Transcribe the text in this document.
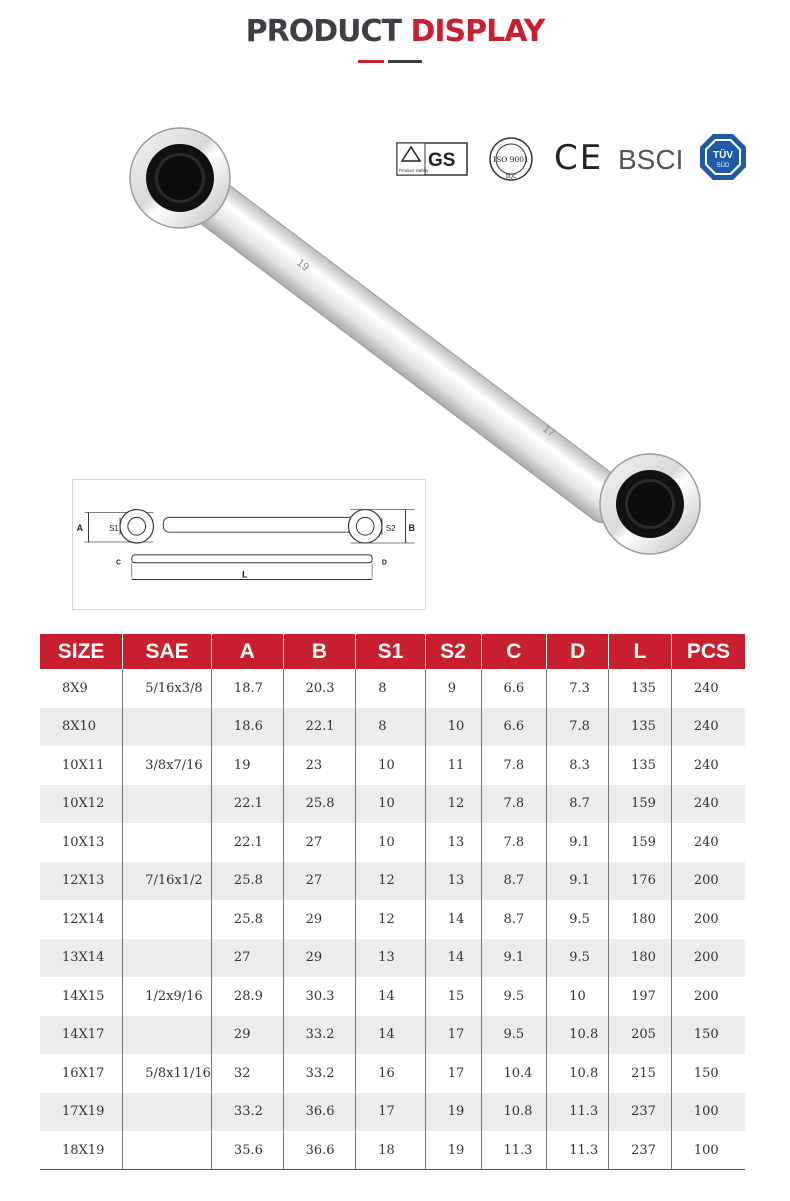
PRODUCT DISPLAY
19
17
GS
Product Safety
ISO 9001
DQC CE BSCI	TÜV
SÜD
A	S1	S2 B
C	D
L
SIZE	SAE	A	B	S1	S2	C	D	L	PCS
8X9	5/16x3/8	18.7	20.3	8	9	6.6	7.3	135	240
8X10		18.6	22.1	8	10	6.6	7.8	135	240
10X11	3/8x7/16	19	23	10	11	7.8	8.3	135	240
10X12		22.1	25.8	10	12	7.8	8.7	159	240
10X13		22.1	27	10	13	7.8	9.1	159	240
12X13	7/16x1/2	25.8	27	12	13	8.7	9.1	176	200
12X14		25.8	29	12	14	8.7	9.5	180	200
13X14		27	29	13	14	9.1	9.5	180	200
14X15	1/2x9/16	28.9	30.3	14	15	9.5	10	197	200
14X17		29	33.2	14	17	9.5	10.8	205	150
16X17	5/8x11/16	32	33.2	16	17	10.4	10.8	215	150
17X19		33.2	36.6	17	19	10.8	11.3	237	100
18X19		35.6	36.6	18	19	11.3	11.3	237	100
